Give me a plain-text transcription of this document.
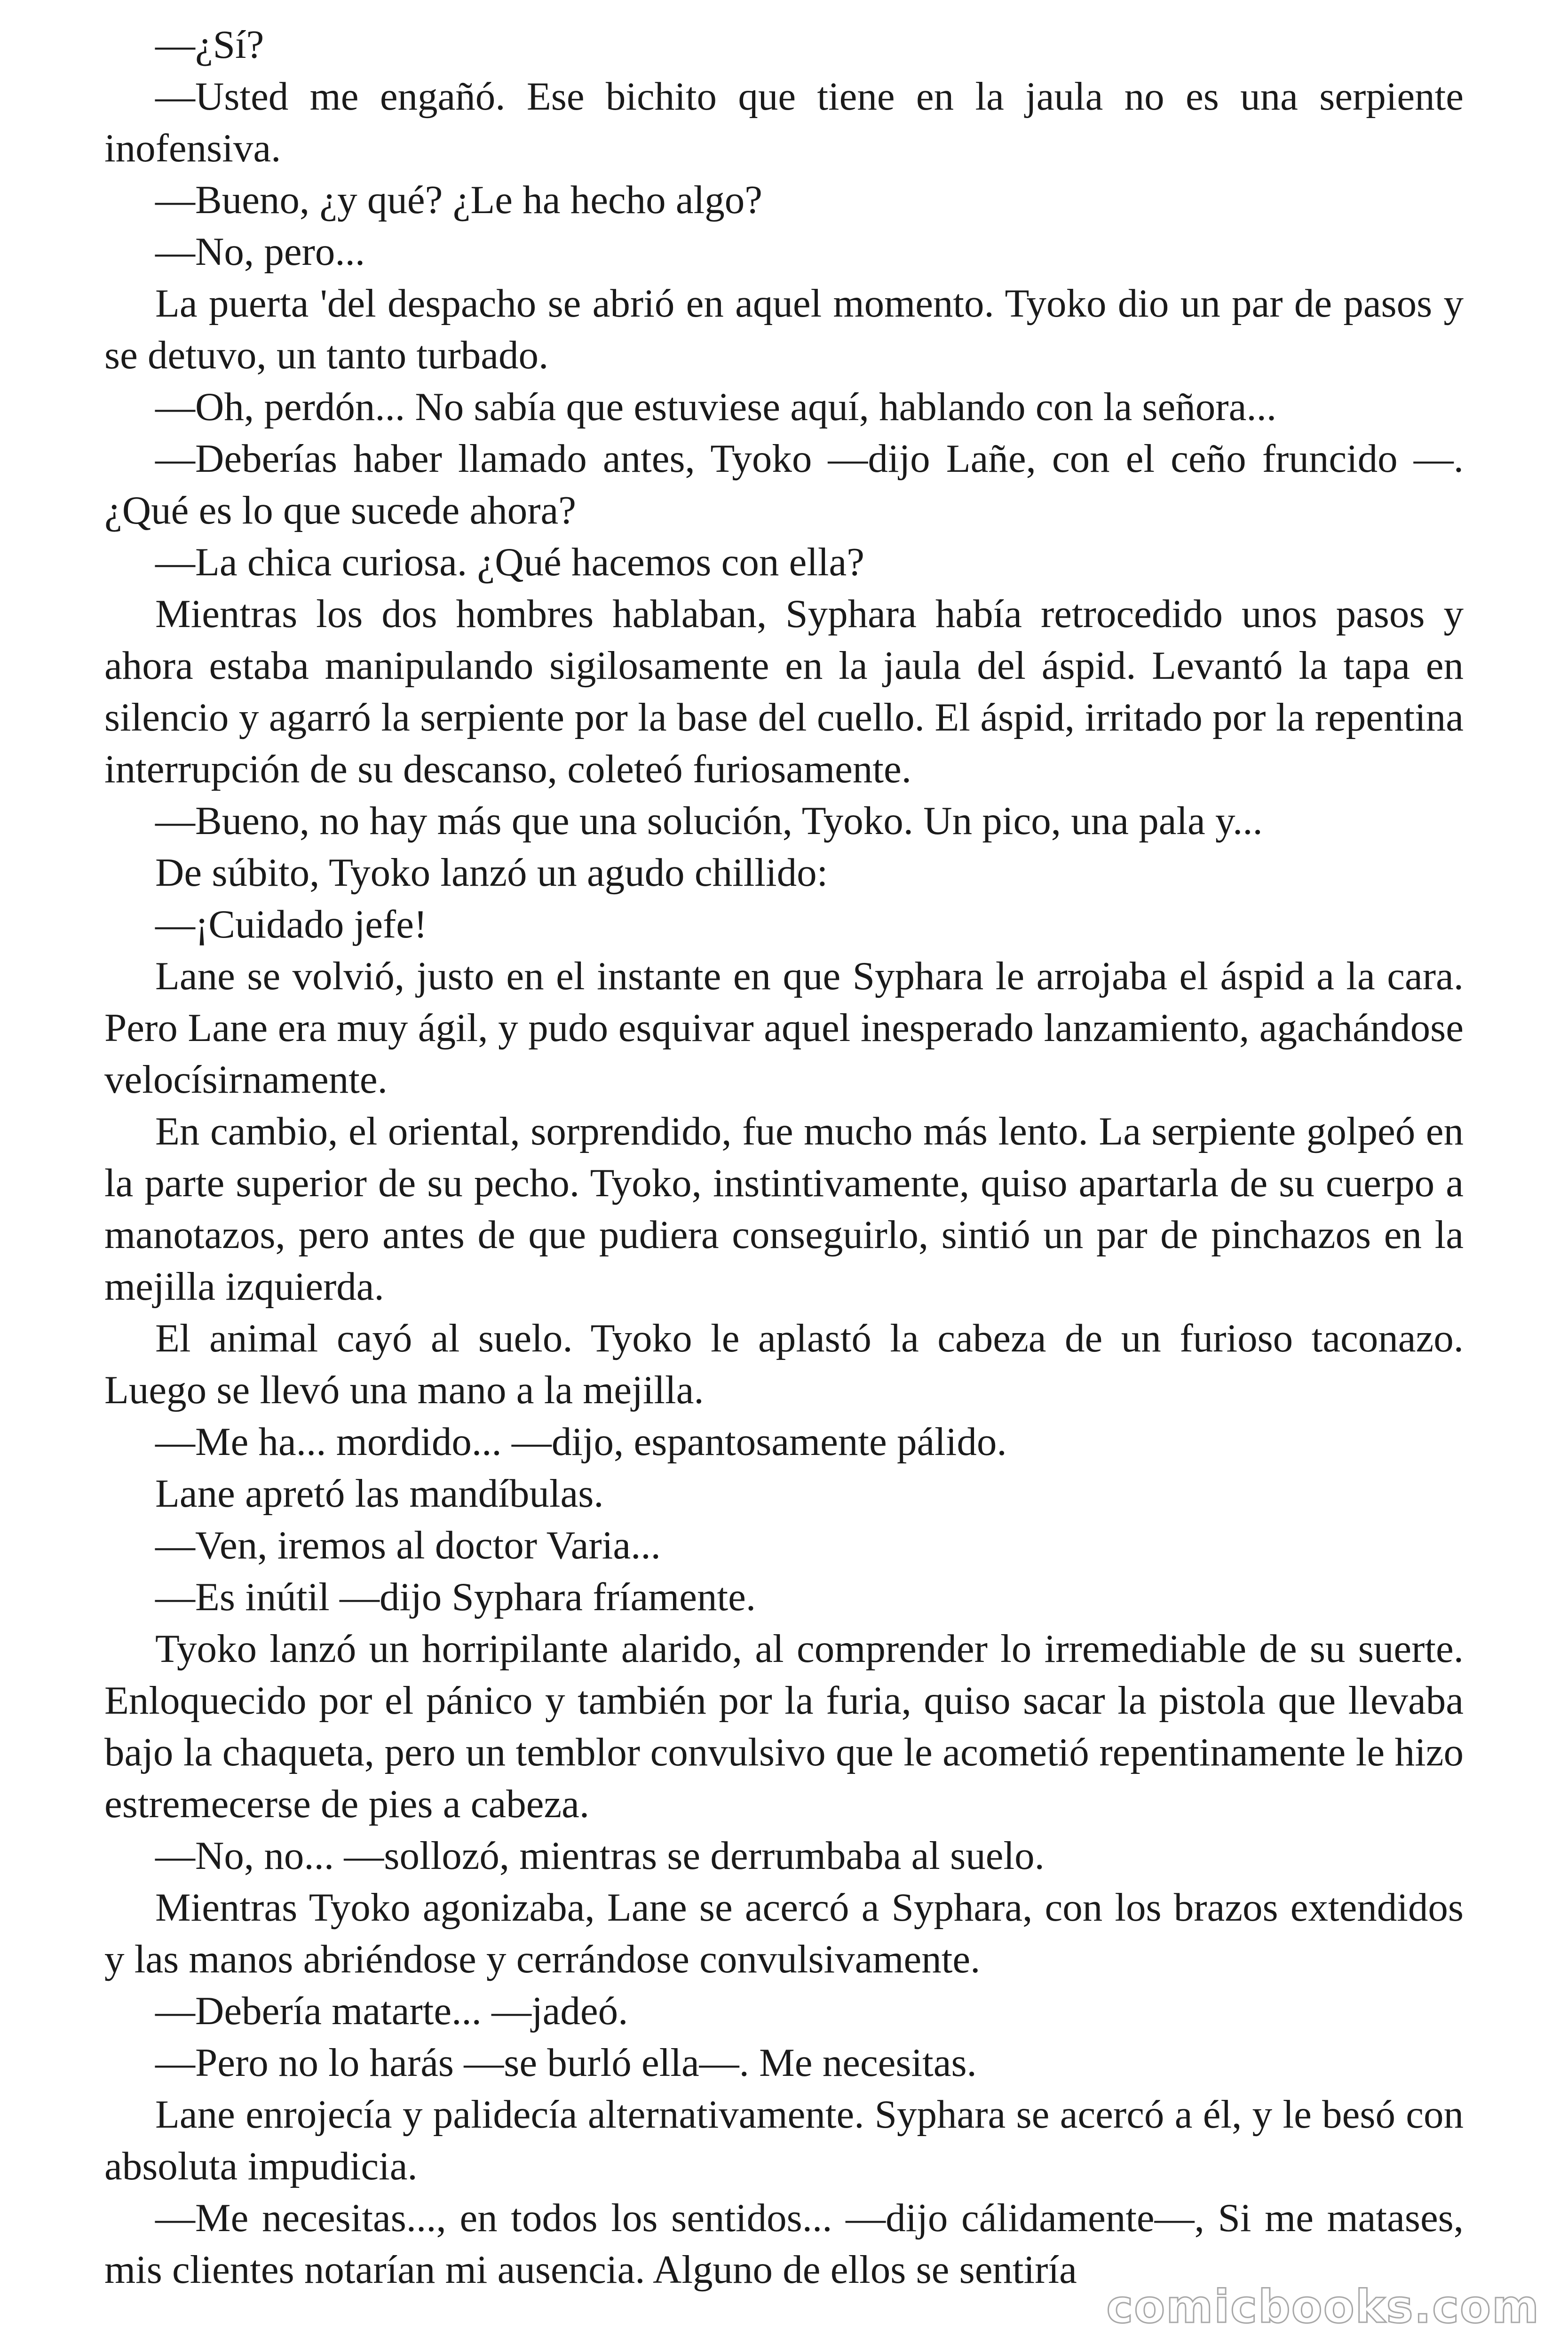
—¿Sí?

—Usted me engañó. Ese bichito que tiene en la jaula no es una serpiente inofensiva.

—Bueno, ¿y qué? ¿Le ha hecho algo?

—No, pero...

La puerta 'del despacho se abrió en aquel momento. Tyoko dio un par de pasos y se detuvo, un tanto turbado.

—Oh, perdón... No sabía que estuviese aquí, hablando con la señora...

—Deberías haber llamado antes, Tyoko —dijo Lañe, con el ceño fruncido —. ¿Qué es lo que sucede ahora?

—La chica curiosa. ¿Qué hacemos con ella?

Mientras los dos hombres hablaban, Syphara había retrocedido unos pasos y ahora estaba manipulando sigilosamente en la jaula del áspid. Levantó la tapa en silencio y agarró la serpiente por la base del cuello. El áspid, irritado por la repentina interrupción de su descanso, coleteó furiosamente.

—Bueno, no hay más que una solución, Tyoko. Un pico, una pala y...

De súbito, Tyoko lanzó un agudo chillido:

—¡Cuidado jefe!

Lane se volvió, justo en el instante en que Syphara le arrojaba el áspid a la cara. Pero Lane era muy ágil, y pudo esquivar aquel inesperado lanzamiento, agachándose velocísirnamente.

En cambio, el oriental, sorprendido, fue mucho más lento. La serpiente golpeó en la parte superior de su pecho. Tyoko, instintivamente, quiso apartarla de su cuerpo a manotazos, pero antes de que pudiera conseguirlo, sintió un par de pinchazos en la mejilla izquierda.

El animal cayó al suelo. Tyoko le aplastó la cabeza de un furioso taconazo. Luego se llevó una mano a la mejilla.

—Me ha... mordido... —dijo, espantosamente pálido.

Lane apretó las mandíbulas.

—Ven, iremos al doctor Varia...

—Es inútil —dijo Syphara fríamente.

Tyoko lanzó un horripilante alarido, al comprender lo irremediable de su suerte. Enloquecido por el pánico y también por la furia, quiso sacar la pistola que llevaba bajo la chaqueta, pero un temblor convulsivo que le acometió repentinamente le hizo estremecerse de pies a cabeza.

—No, no... —sollozó, mientras se derrumbaba al suelo.

Mientras Tyoko agonizaba, Lane se acercó a Syphara, con los brazos extendidos y las manos abriéndose y cerrándose convulsivamente.

—Debería matarte... —jadeó.

—Pero no lo harás —se burló ella—. Me necesitas.

Lane enrojecía y palidecía alternativamente. Syphara se acercó a él, y le besó con absoluta impudicia.

—Me necesitas..., en todos los sentidos... —dijo cálidamente—, Si me matases, mis clientes notarían mi ausencia. Alguno de ellos se sentiría

comicbooks.com
